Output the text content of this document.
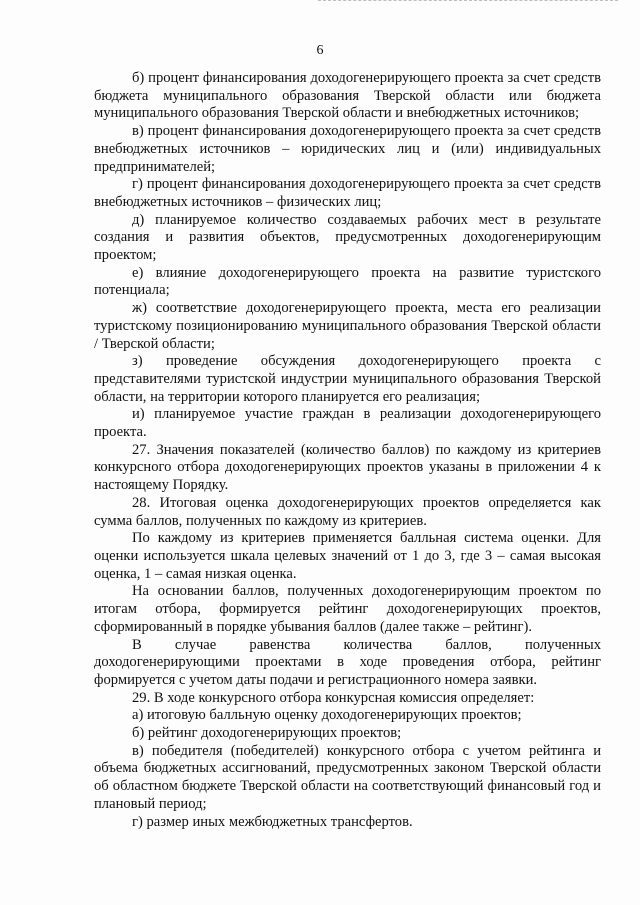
6

б) процент финансирования доходогенерирующего проекта за счет средств бюджета муниципального образования Тверской области или бюджета муниципального образования Тверской области и внебюджетных источников;

в) процент финансирования доходогенерирующего проекта за счет средств внебюджетных источников – юридических лиц и (или) индивидуальных предпринимателей;

г) процент финансирования доходогенерирующего проекта за счет средств внебюджетных источников – физических лиц;

д) планируемое количество создаваемых рабочих мест в результате создания и развития объектов, предусмотренных доходогенерирующим проектом;

е) влияние доходогенерирующего проекта на развитие туристского потенциала;

ж) соответствие доходогенерирующего проекта, места его реализации туристскому позиционированию муниципального образования Тверской области / Тверской области;

з) проведение обсуждения доходогенерирующего проекта с представителями туристской индустрии муниципального образования Тверской области, на территории которого планируется его реализация;

и) планируемое участие граждан в реализации доходогенерирующего проекта.

27. Значения показателей (количество баллов) по каждому из критериев конкурсного отбора доходогенерирующих проектов указаны в приложении 4 к настоящему Порядку.

28. Итоговая оценка доходогенерирующих проектов определяется как сумма баллов, полученных по каждому из критериев.

По каждому из критериев применяется балльная система оценки. Для оценки используется шкала целевых значений от 1 до 3, где 3 – самая высокая оценка, 1 – самая низкая оценка.

На основании баллов, полученных доходогенерирующим проектом по итогам отбора, формируется рейтинг доходогенерирующих проектов, сформированный в порядке убывания баллов (далее также – рейтинг).

В случае равенства количества баллов, полученных доходогенерирующими проектами в ходе проведения отбора, рейтинг формируется с учетом даты подачи и регистрационного номера заявки.

29. В ходе конкурсного отбора конкурсная комиссия определяет:

а) итоговую балльную оценку доходогенерирующих проектов;

б) рейтинг доходогенерирующих проектов;

в) победителя (победителей) конкурсного отбора с учетом рейтинга и объема бюджетных ассигнований, предусмотренных законом Тверской области об областном бюджете Тверской области на соответствующий финансовый год и плановый период;

г) размер иных межбюджетных трансфертов.
